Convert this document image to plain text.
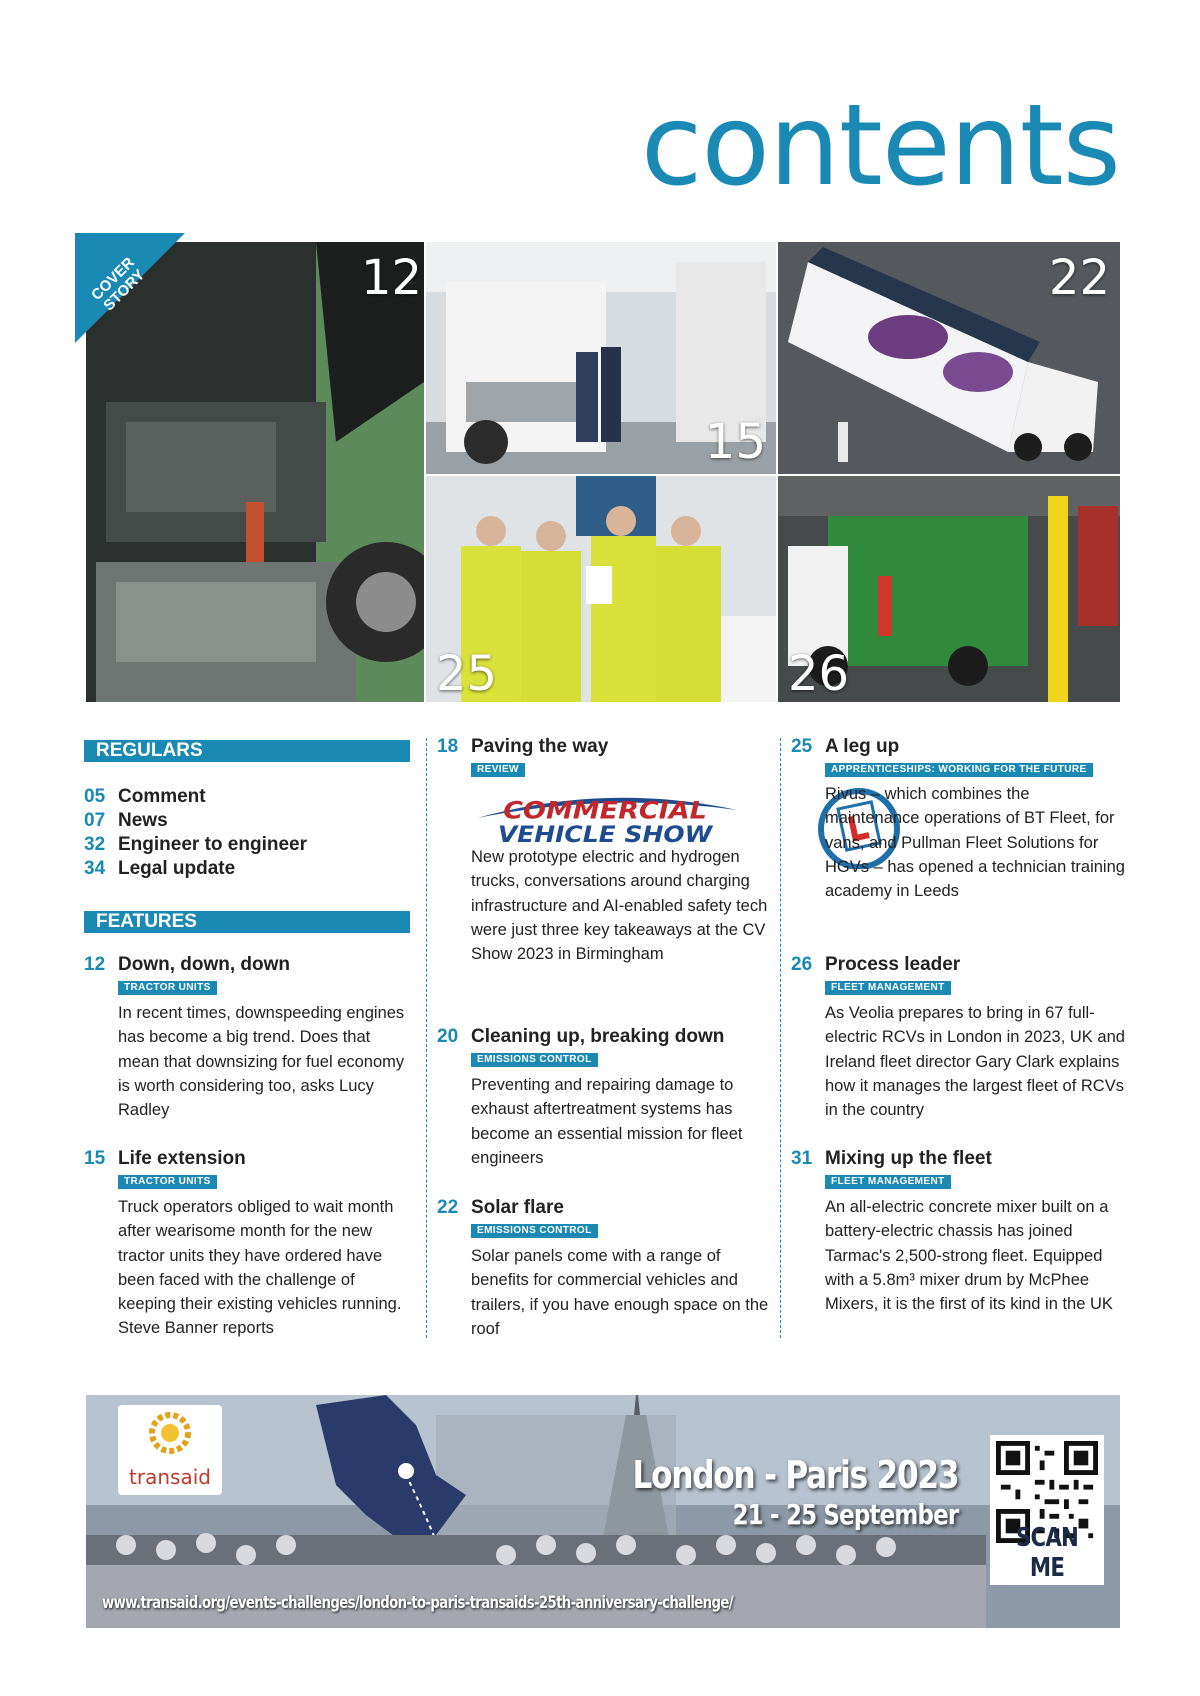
contents
COVER STORY	12
15
22
25	26
REGULARS
05 Comment
07 News
32 Engineer to engineer
34 Legal update
FEATURES
12 Down, down, down
TRACTOR UNITS
In recent times, downspeeding engines has become a big trend. Does that mean that downsizing for fuel economy is worth considering too, asks Lucy Radley
15 Life extension
TRACTOR UNITS
Truck operators obliged to wait month after wearisome month for the new tractor units they have ordered have been faced with the challenge of keeping their existing vehicles running. Steve Banner reports
18 Paving the way
REVIEW
New prototype electric and hydrogen trucks, conversations around charging infrastructure and AI-enabled safety tech were just three key takeaways at the CV Show 2023 in Birmingham
COMMERCIAL
VEHICLE SHOW
20 Cleaning up, breaking down
EMISSIONS CONTROL
Preventing and repairing damage to exhaust aftertreatment systems has become an essential mission for fleet engineers
22 Solar flare
EMISSIONS CONTROL
Solar panels come with a range of benefits for commercial vehicles and trailers, if you have enough space on the roof
25 A leg up
APPRENTICESHIPS: WORKING FOR THE FUTURE
Rivus – which combines the maintenance operations of BT Fleet, for vans, and Pullman Fleet Solutions for HGVs – has opened a technician training academy in Leeds
26 Process leader
FLEET MANAGEMENT
As Veolia prepares to bring in 67 full-electric RCVs in London in 2023, UK and Ireland fleet director Gary Clark explains how it manages the largest fleet of RCVs in the country
31 Mixing up the fleet
FLEET MANAGEMENT
An all-electric concrete mixer built on a battery-electric chassis has joined Tarmac's 2,500-strong fleet. Equipped with a 5.8m³ mixer drum by McPhee Mixers, it is the first of its kind in the UK
transaid	London - Paris 2023
21 - 25 September
SCAN ME
www.transaid.org/events-challenges/london-to-paris-transaids-25th-anniversary-challenge/
